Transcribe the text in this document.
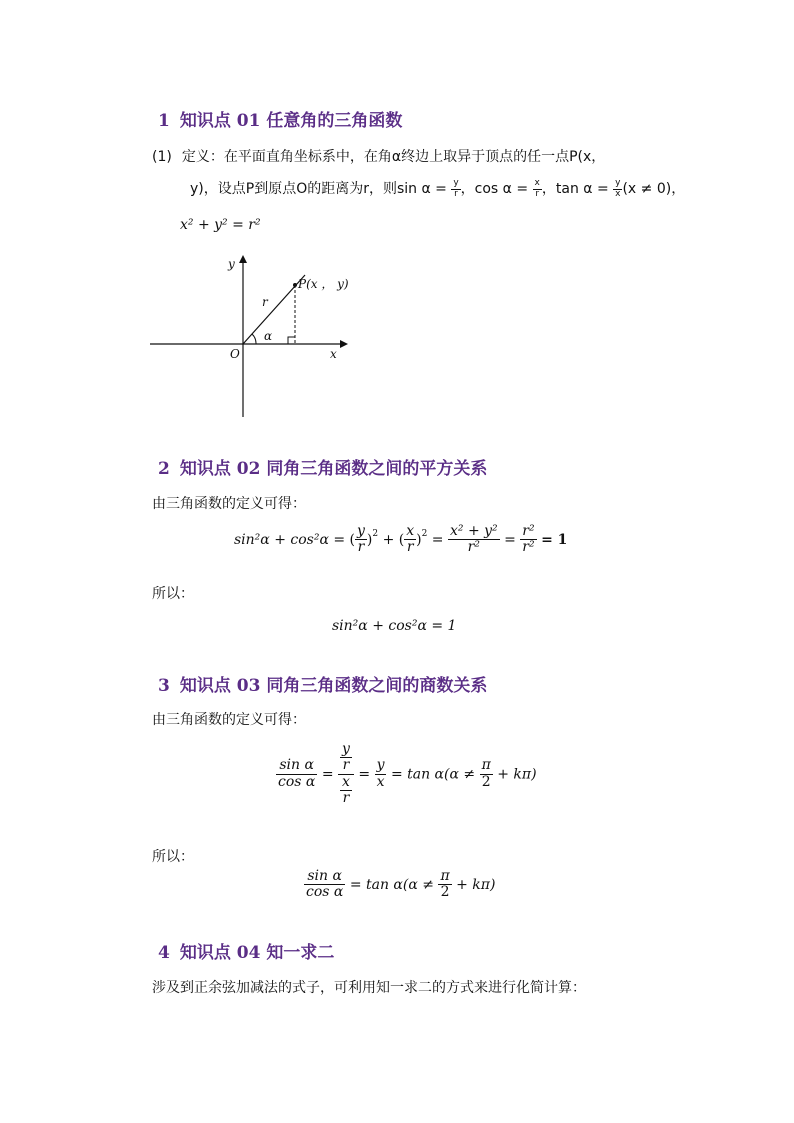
1 知识点 01 任意角的三角函数
(1) 定义：在平面直角坐标系中，在角α终边上取异于顶点的任一点P(x，
y)，设点P到原点O的距离为r，则$\sin \alpha = \frac{y}{r}$ ，$\cos \alpha = \frac{x}{r}$ ，$\tan \alpha = \frac{y}{x} (x \ne 0)$，
x² + y² = r²
y
x
O
r
α
P(x ， y)
2 知识点 02 同角三角函数之间的平方关系
由三角函数的定义可得：
sin²α + cos²α = ( $\frac{y}{r} )^2$ + ( $\frac{x}{r} )^2 = \frac{\text{x² + y²}}{\text{r²}} = \frac{\text{r²}}{\text{r²}} = 1$
所以：
sin²α + cos²α = 1
3 知识点 03 同角三角函数之间的商数关系
由三角函数的定义可得：
$\frac{\text{sin α}}{\text{cos α}} = \frac{\frac{y}{r}}{\frac{x}{r}} = \frac{y}{x} = \tan \alpha(\alpha \ne \frac{\pi}{2} + k\pi)$
所以：
$\frac{\text{sin α}}{\text{cos α}} = \tan \alpha(\alpha \ne \frac{\pi}{2} + k\pi)$
4 知识点 04 知一求二
涉及到正余弦加减法的式子，可利用知一求二的方式来进行化简计算：
